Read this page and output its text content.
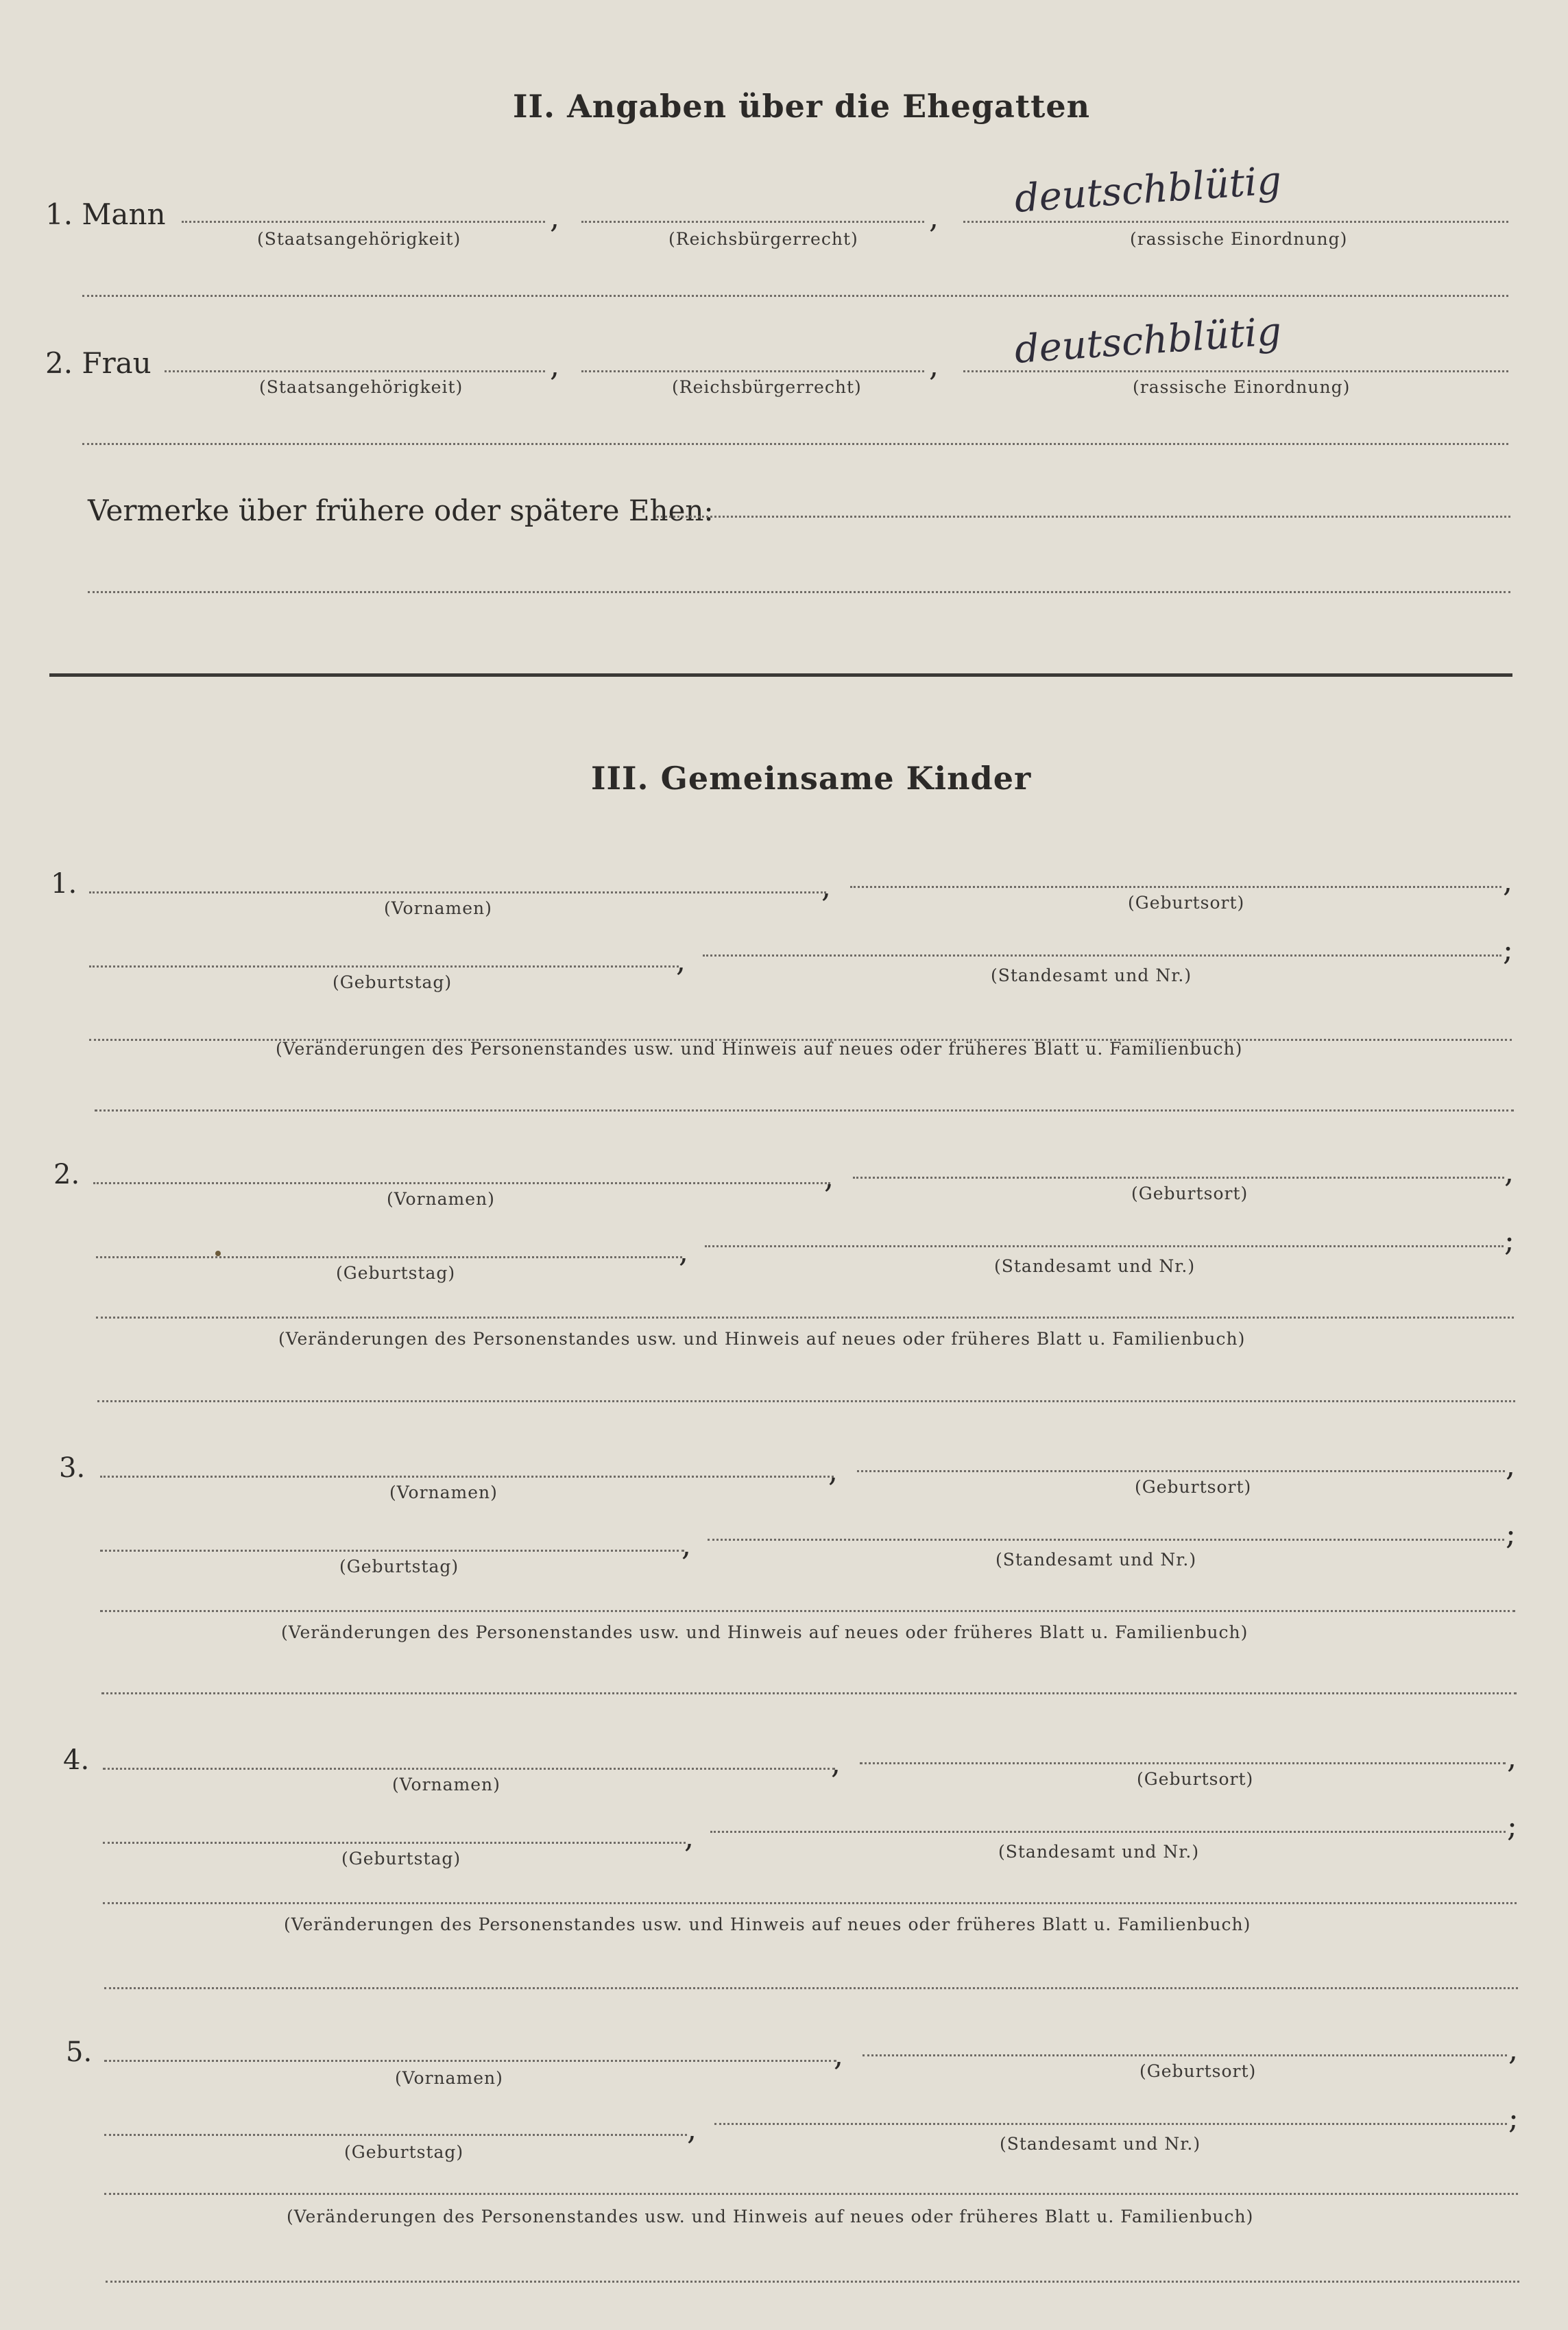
II. Angaben über die Ehegatten
1. Mann	,	, deutschblütig
(Staatsangehörigkeit)	(Reichsbürgerrecht)	(rassische Einordnung)
2. Frau	,	, deutschblütig
(Staatsangehörigkeit)	(Reichsbürgerrecht)	(rassische Einordnung)
Vermerke über frühere oder spätere Ehen:
III. Gemeinsame Kinder
1.	,	,
(Vornamen)	(Geburtsort)
,	;
(Geburtstag)	(Standesamt und Nr.)
(Veränderungen des Personenstandes usw. und Hinweis auf neues oder früheres Blatt u. Familienbuch)
2.	,	,
(Vornamen)	(Geburtsort)
,	;
(Geburtstag)	(Standesamt und Nr.)
(Veränderungen des Personenstandes usw. und Hinweis auf neues oder früheres Blatt u. Familienbuch)
3.	,	,
(Vornamen)	(Geburtsort)
,	;
(Geburtstag)	(Standesamt und Nr.)
(Veränderungen des Personenstandes usw. und Hinweis auf neues oder früheres Blatt u. Familienbuch)
4.	,	,
(Vornamen)	(Geburtsort)
,	;
(Geburtstag)	(Standesamt und Nr.)
(Veränderungen des Personenstandes usw. und Hinweis auf neues oder früheres Blatt u. Familienbuch)
5.	,	,
(Vornamen)	(Geburtsort)
,	;
(Geburtstag)	(Standesamt und Nr.)
(Veränderungen des Personenstandes usw. und Hinweis auf neues oder früheres Blatt u. Familienbuch)
